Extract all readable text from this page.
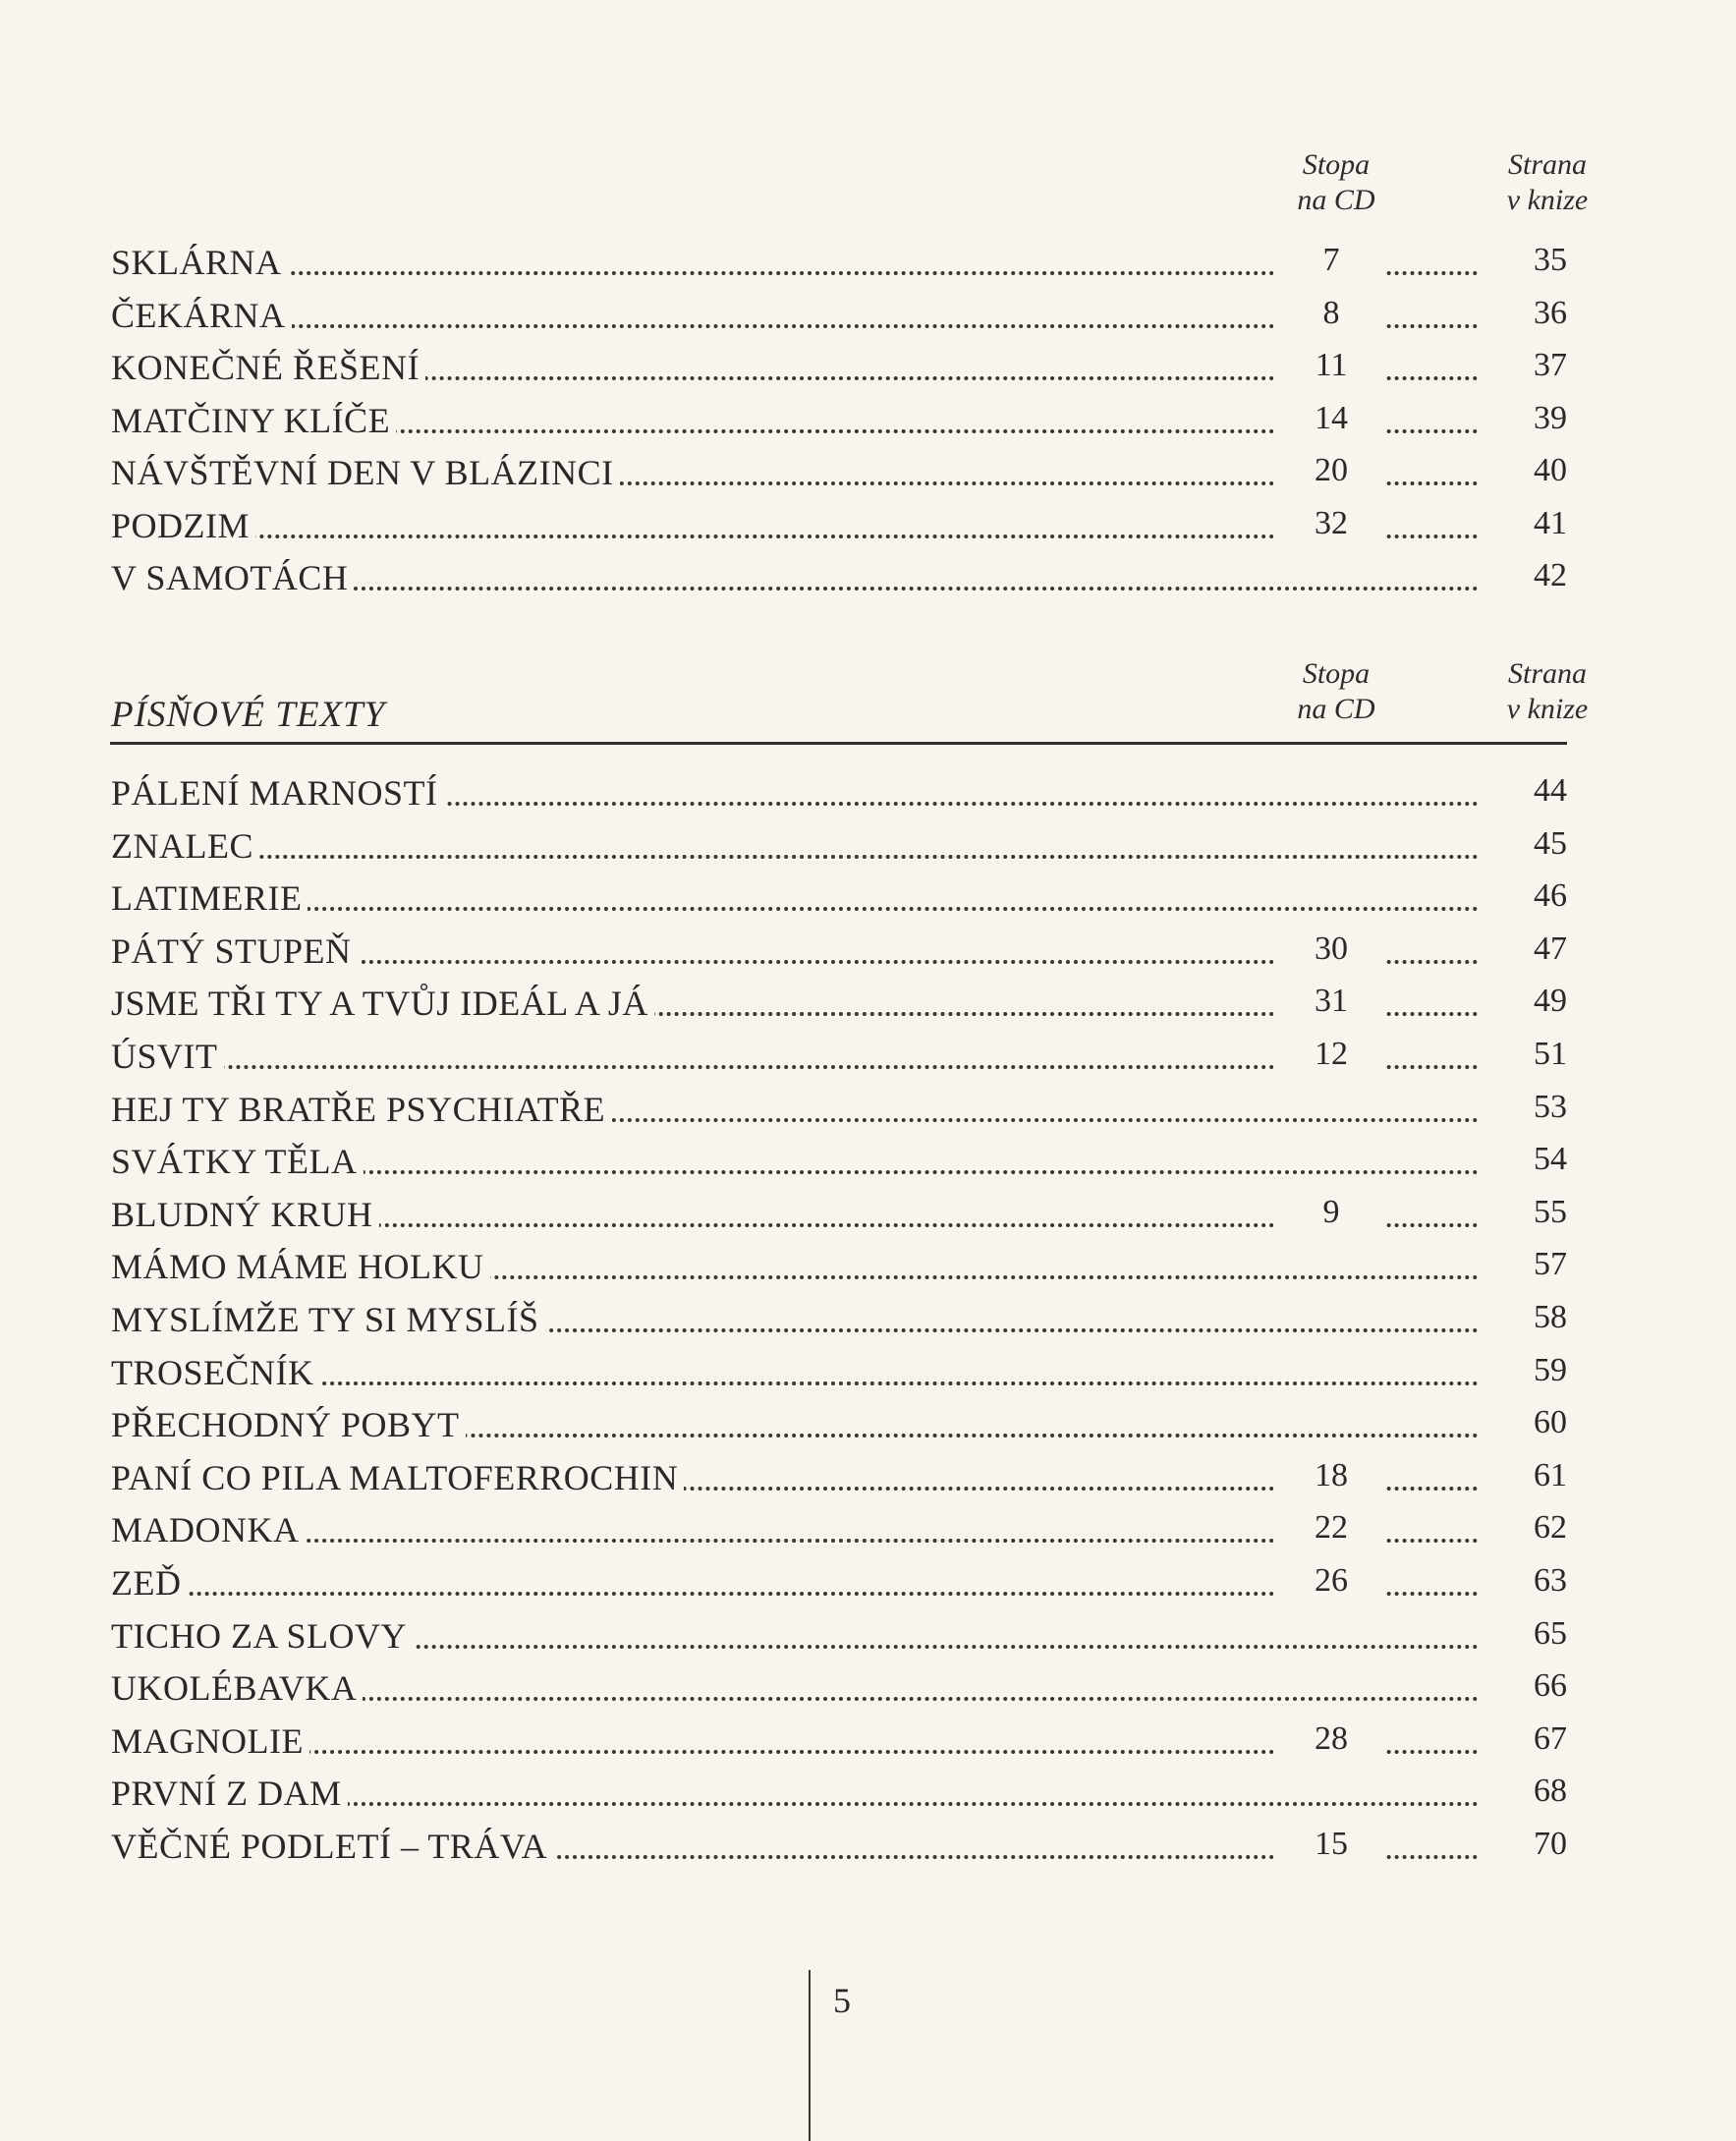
Stopa
na CD
Strana
v knize
SKLÁRNA	7	35
ČEKÁRNA	8	36
KONEČNÉ ŘEŠENÍ	11	37
MATČINY KLÍČE	14	39
NÁVŠTĚVNÍ DEN V BLÁZINCI	20	40
PODZIM	32	41
V SAMOTÁCH	42
Stopa
na CD
Strana
v knize
PÍSŇOVÉ TEXTY
PÁLENÍ MARNOSTÍ	44
ZNALEC	45
LATIMERIE	46
PÁTÝ STUPEŇ	30	47
JSME TŘI TY A TVŮJ IDEÁL A JÁ	31	49
ÚSVIT	12	51
HEJ TY BRATŘE PSYCHIATŘE	53
SVÁTKY TĚLA	54
BLUDNÝ KRUH	9	55
MÁMO MÁME HOLKU	57
MYSLÍMŽE TY SI MYSLÍŠ	58
TROSEČNÍK	59
PŘECHODNÝ POBYT	60
PANÍ CO PILA MALTOFERROCHIN	18	61
MADONKA	22	62
ZEĎ	26	63
TICHO ZA SLOVY	65
UKOLÉBAVKA	66
MAGNOLIE	28	67
PRVNÍ Z DAM	68
VĚČNÉ PODLETÍ – TRÁVA	15	70
5
